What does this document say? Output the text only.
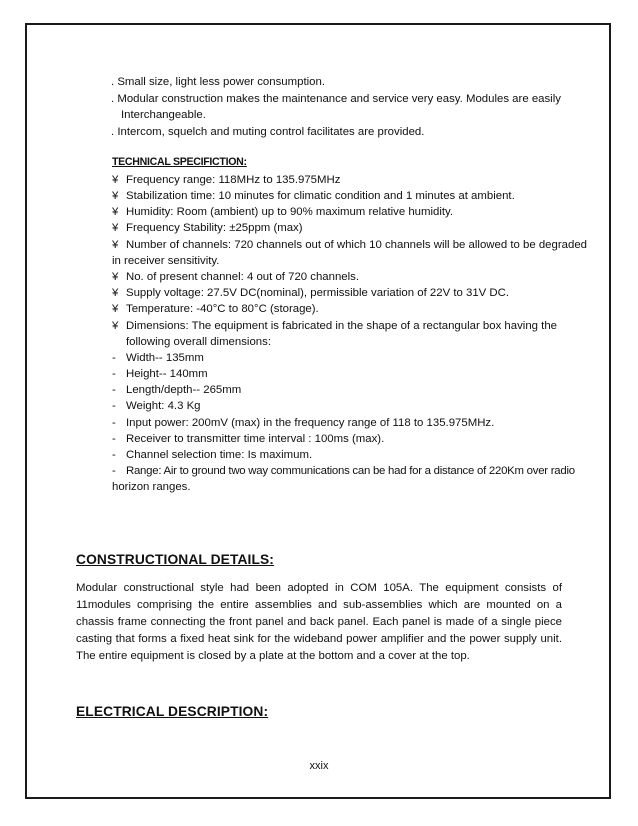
. Small size, light less power consumption.
. Modular construction makes the maintenance and service very easy. Modules are easily
Interchangeable.
. Intercom, squelch and muting control facilitates are provided.
TECHNICAL SPECIFICTION:
¥ Frequency range: 118MHz to 135.975MHz
¥ Stabilization time: 10 minutes for climatic condition and 1 minutes at ambient.
¥ Humidity: Room (ambient) up to 90% maximum relative humidity.
¥ Frequency Stability: ±25ppm (max)
¥ Number of channels: 720 channels out of which 10 channels will be allowed to be degraded
in receiver sensitivity.
¥ No. of present channel: 4 out of 720 channels.
¥ Supply voltage: 27.5V DC(nominal), permissible variation of 22V to 31V DC.
¥ Temperature: -40°C to 80°C (storage).
¥ Dimensions: The equipment is fabricated in the shape of a rectangular box having the
following overall dimensions:
- Width-- 135mm
- Height-- 140mm
- Length/depth-- 265mm
- Weight: 4.3 Kg
- Input power: 200mV (max) in the frequency range of 118 to 135.975MHz.
- Receiver to transmitter time interval : 100ms (max).
- Channel selection time: Is maximum.
- Range: Air to ground two way communications can be had for a distance of 220Km over radio
horizon ranges.
CONSTRUCTIONAL DETAILS:

Modular constructional style had been adopted in COM 105A. The equipment consists of 11modules comprising the entire assemblies and sub-assemblies which are mounted on a chassis frame connecting the front panel and back panel. Each panel is made of a single piece casting that forms a fixed heat sink for the wideband power amplifier and the power supply unit. The entire equipment is closed by a plate at the bottom and a cover at the top.

ELECTRICAL DESCRIPTION:
xxix
